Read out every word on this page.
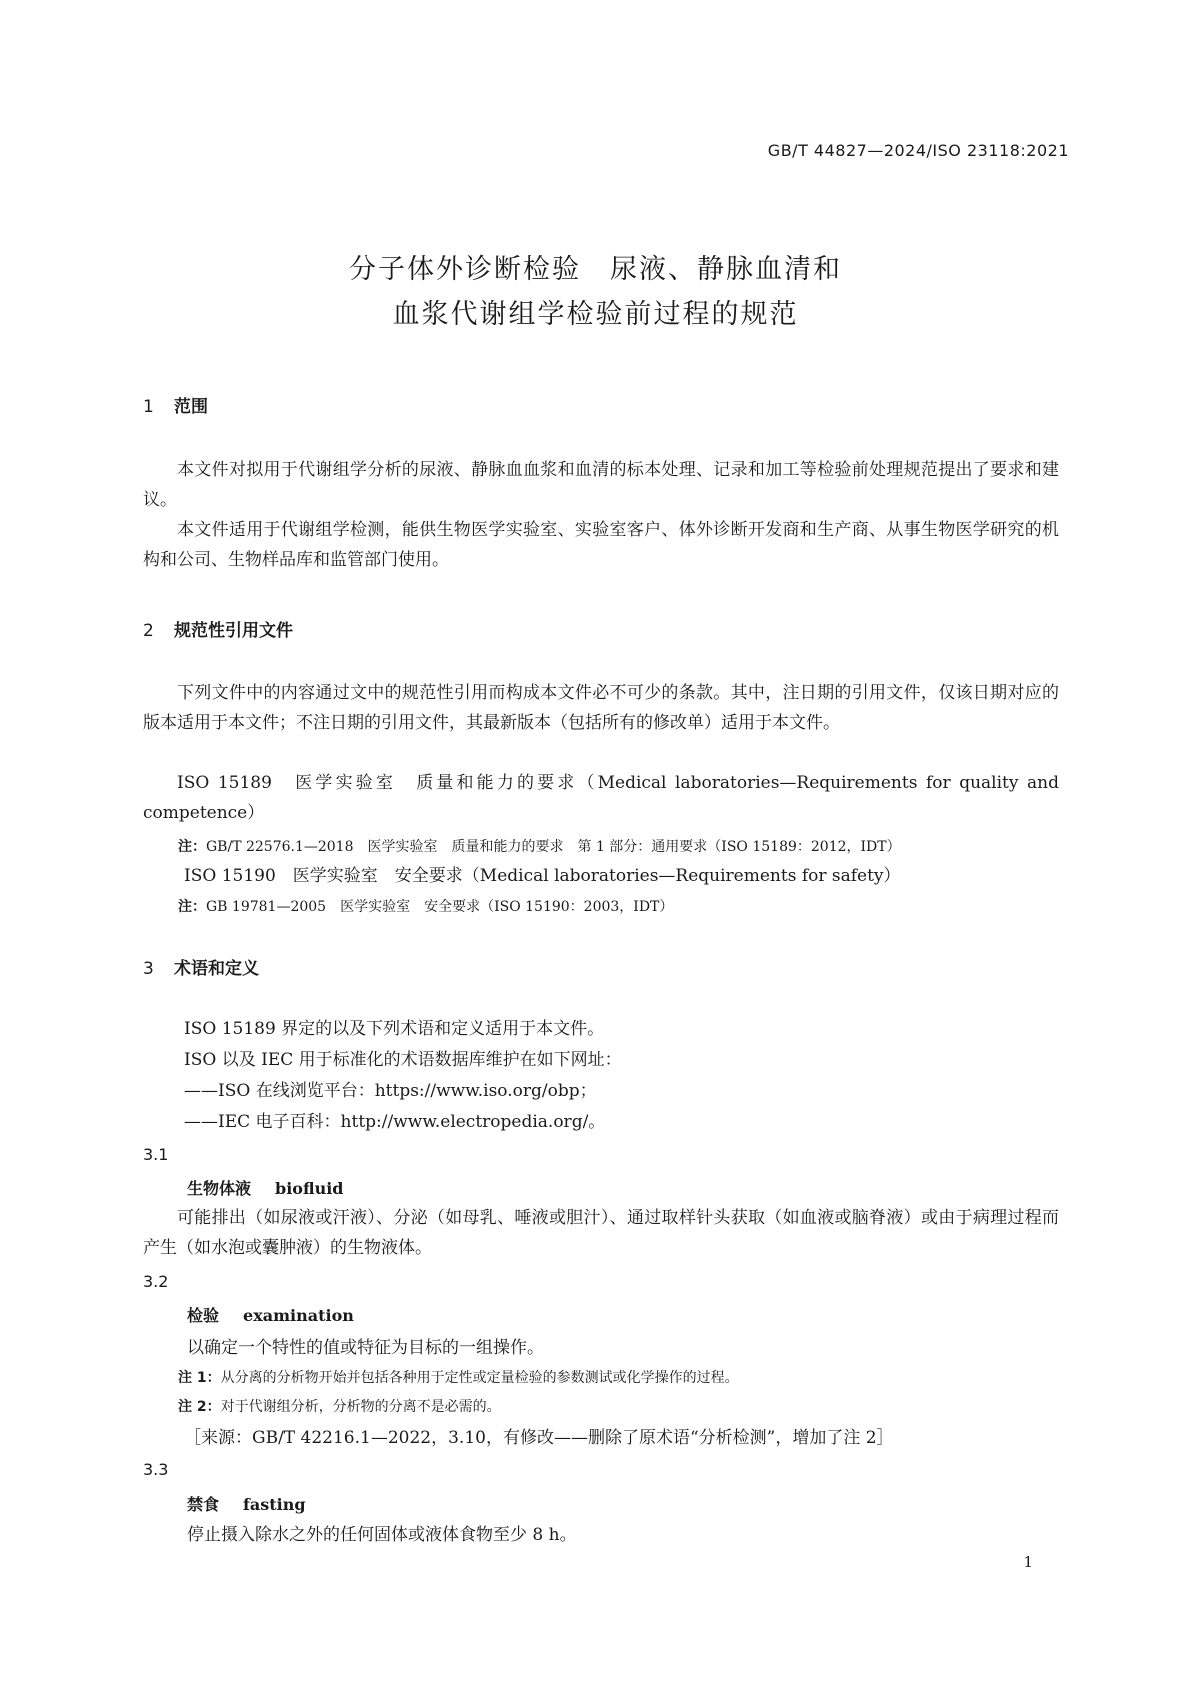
GB/T 44827—2024/ISO 23118:2021
分子体外诊断检验　尿液、静脉血清和
血浆代谢组学检验前过程的规范
1 范围
本文件对拟用于代谢组学分析的尿液、静脉血血浆和血清的标本处理、记录和加工等检验前处理规范提出了要求和建议。
本文件适用于代谢组学检测，能供生物医学实验室、实验室客户、体外诊断开发商和生产商、从事生物医学研究的机构和公司、生物样品库和监管部门使用。
2 规范性引用文件
下列文件中的内容通过文中的规范性引用而构成本文件必不可少的条款。其中，注日期的引用文件，仅该日期对应的版本适用于本文件；不注日期的引用文件，其最新版本（包括所有的修改单）适用于本文件。
ISO 15189　医学实验室　质量和能力的要求（Medical laboratories—Requirements for quality and competence）
注：GB/T 22576.1—2018　医学实验室　质量和能力的要求　第 1 部分：通用要求（ISO 15189：2012，IDT）
ISO 15190　医学实验室　安全要求（Medical laboratories—Requirements for safety）
注：GB 19781—2005　医学实验室　安全要求（ISO 15190：2003，IDT）
3 术语和定义
ISO 15189 界定的以及下列术语和定义适用于本文件。
ISO 以及 IEC 用于标准化的术语数据库维护在如下网址：
——ISO 在线浏览平台：https://www.iso.org/obp；
——IEC 电子百科：http://www.electropedia.org/。
3.1
生物体液 biofluid
可能排出（如尿液或汗液）、分泌（如母乳、唾液或胆汁）、通过取样针头获取（如血液或脑脊液）或由于病理过程而产生（如水泡或囊肿液）的生物液体。
3.2
检验 examination
以确定一个特性的值或特征为目标的一组操作。
注 1：从分离的分析物开始并包括各种用于定性或定量检验的参数测试或化学操作的过程。
注 2：对于代谢组分析，分析物的分离不是必需的。
［来源：GB/T 42216.1—2022，3.10，有修改——删除了原术语“分析检测”，增加了注 2］
3.3
禁食 fasting
停止摄入除水之外的任何固体或液体食物至少 8 h。
1
